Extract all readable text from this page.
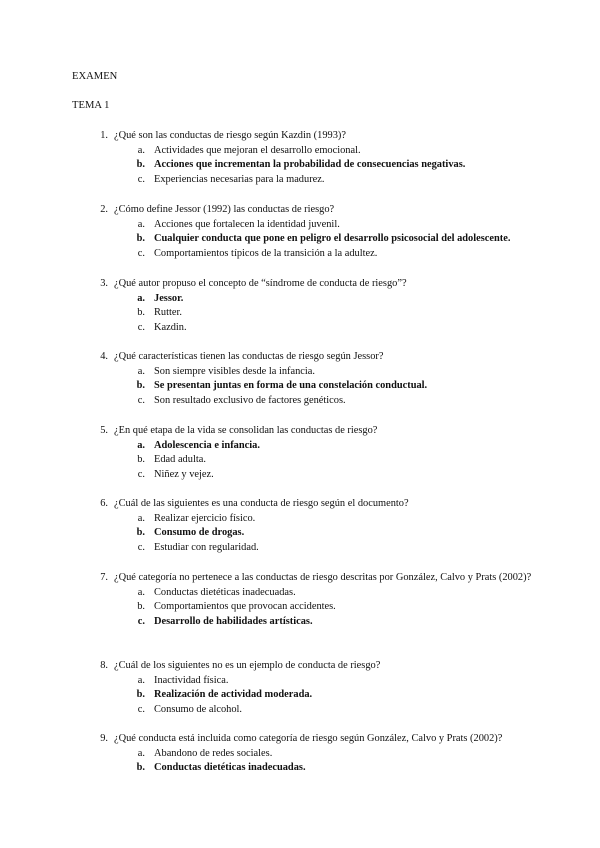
EXAMEN
TEMA 1
1. ¿Qué son las conductas de riesgo según Kazdin (1993)?
a. Actividades que mejoran el desarrollo emocional.
b. Acciones que incrementan la probabilidad de consecuencias negativas.
c. Experiencias necesarias para la madurez.
2. ¿Cómo define Jessor (1992) las conductas de riesgo?
a. Acciones que fortalecen la identidad juvenil.
b. Cualquier conducta que pone en peligro el desarrollo psicosocial del adolescente.
c. Comportamientos típicos de la transición a la adultez.
3. ¿Qué autor propuso el concepto de “síndrome de conducta de riesgo”?
a. Jessor.
b. Rutter.
c. Kazdin.
4. ¿Qué características tienen las conductas de riesgo según Jessor?
a. Son siempre visibles desde la infancia.
b. Se presentan juntas en forma de una constelación conductual.
c. Son resultado exclusivo de factores genéticos.
5. ¿En qué etapa de la vida se consolidan las conductas de riesgo?
a. Adolescencia e infancia.
b. Edad adulta.
c. Niñez y vejez.
6. ¿Cuál de las siguientes es una conducta de riesgo según el documento?
a. Realizar ejercicio físico.
b. Consumo de drogas.
c. Estudiar con regularidad.
7. ¿Qué categoría no pertenece a las conductas de riesgo descritas por González, Calvo y Prats (2002)?
a. Conductas dietéticas inadecuadas.
b. Comportamientos que provocan accidentes.
c. Desarrollo de habilidades artísticas.
8. ¿Cuál de los siguientes no es un ejemplo de conducta de riesgo?
a. Inactividad física.
b. Realización de actividad moderada.
c. Consumo de alcohol.
9. ¿Qué conducta está incluida como categoría de riesgo según González, Calvo y Prats (2002)?
a. Abandono de redes sociales.
b. Conductas dietéticas inadecuadas.
